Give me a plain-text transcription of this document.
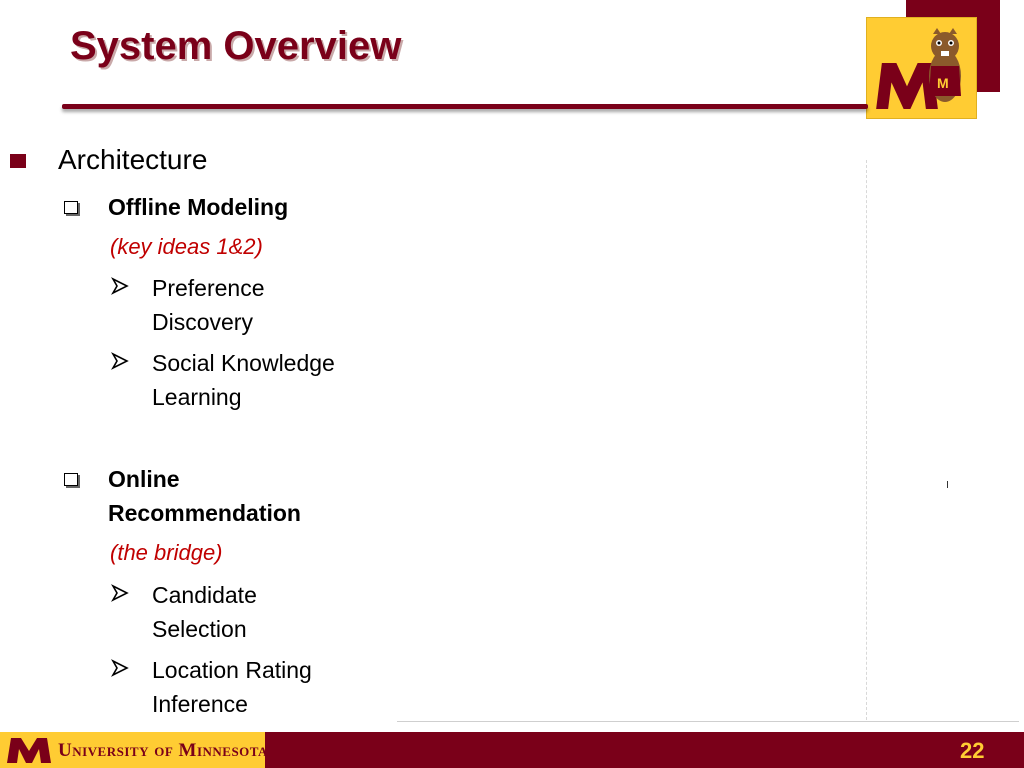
M
System Overview
Architecture
Offline Modeling
(key ideas 1&2)
Preference
Discovery
Social Knowledge
Learning
Online
Recommendation
(the bridge)
Candidate
Selection
Location Rating
Inference
University of Minnesota	22
